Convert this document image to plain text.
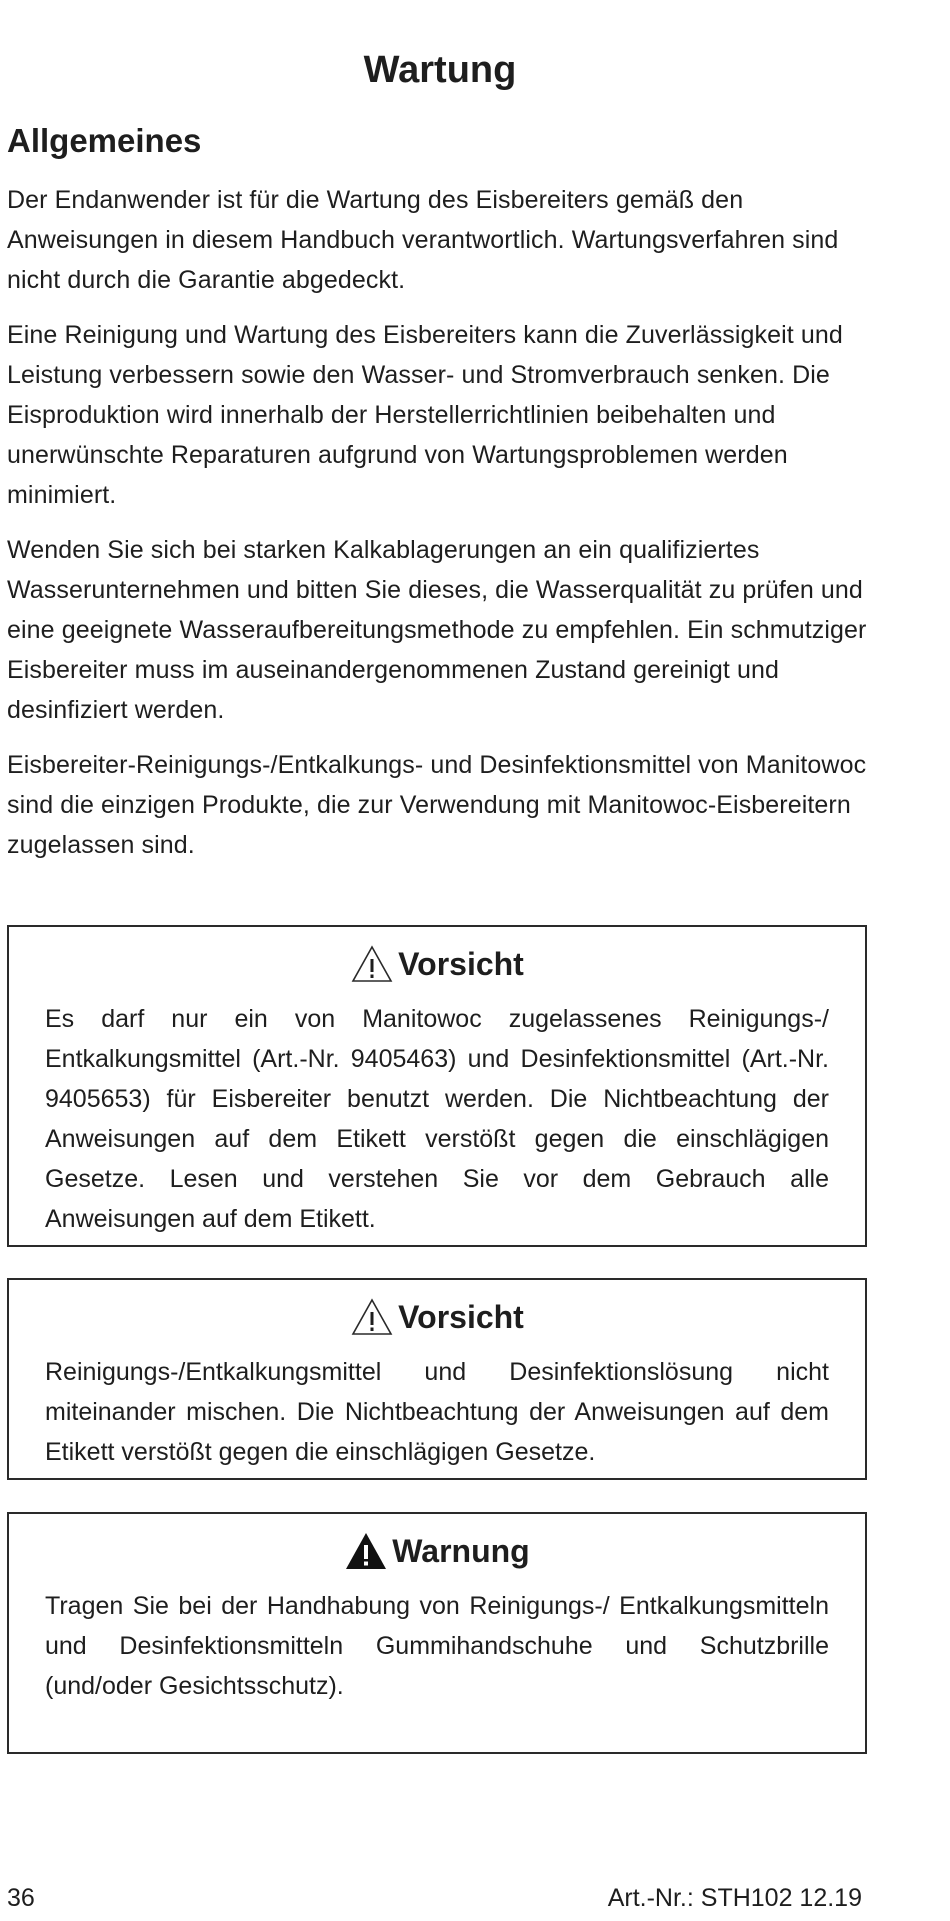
Wartung
Allgemeines

Der Endanwender ist für die Wartung des Eisbereiters gemäß den Anweisungen in diesem Handbuch verantwortlich. Wartungsverfahren sind nicht durch die Garantie abgedeckt.

Eine Reinigung und Wartung des Eisbereiters kann die Zuverlässigkeit und Leistung verbessern sowie den Wasser- und Stromverbrauch senken. Die Eisproduktion wird innerhalb der Herstellerrichtlinien beibehalten und unerwünschte Reparaturen aufgrund von Wartungsproblemen werden minimiert.

Wenden Sie sich bei starken Kalkablagerungen an ein qualifiziertes Wasserunternehmen und bitten Sie dieses, die Wasserqualität zu prüfen und eine geeignete Wasseraufbereitungsmethode zu empfehlen. Ein schmutziger Eisbereiter muss im auseinandergenommenen Zustand gereinigt und desinfiziert werden.

Eisbereiter-Reinigungs-/Entkalkungs- und Desinfektionsmittel von Manitowoc sind die einzigen Produkte, die zur Verwendung mit Manitowoc-Eisbereitern zugelassen sind.

Vorsicht
Es darf nur ein von Manitowoc zugelassenes Reinigungs-/ Entkalkungsmittel (Art.-Nr. 9405463) und Desinfektionsmittel (Art.-Nr. 9405653) für Eisbereiter benutzt werden. Die Nichtbeachtung der Anweisungen auf dem Etikett verstößt gegen die einschlägigen Gesetze. Lesen und verstehen Sie vor dem Gebrauch alle Anweisungen auf dem Etikett.
Vorsicht
Reinigungs-/Entkalkungsmittel und Desinfektionslösung nicht miteinander mischen. Die Nichtbeachtung der Anweisungen auf dem Etikett verstößt gegen die einschlägigen Gesetze.
Warnung
Tragen Sie bei der Handhabung von Reinigungs-/ Entkalkungsmitteln und Desinfektionsmitteln Gummihandschuhe und Schutzbrille (und/oder Gesichtsschutz).
36	Art.-Nr.: STH102 12.19
